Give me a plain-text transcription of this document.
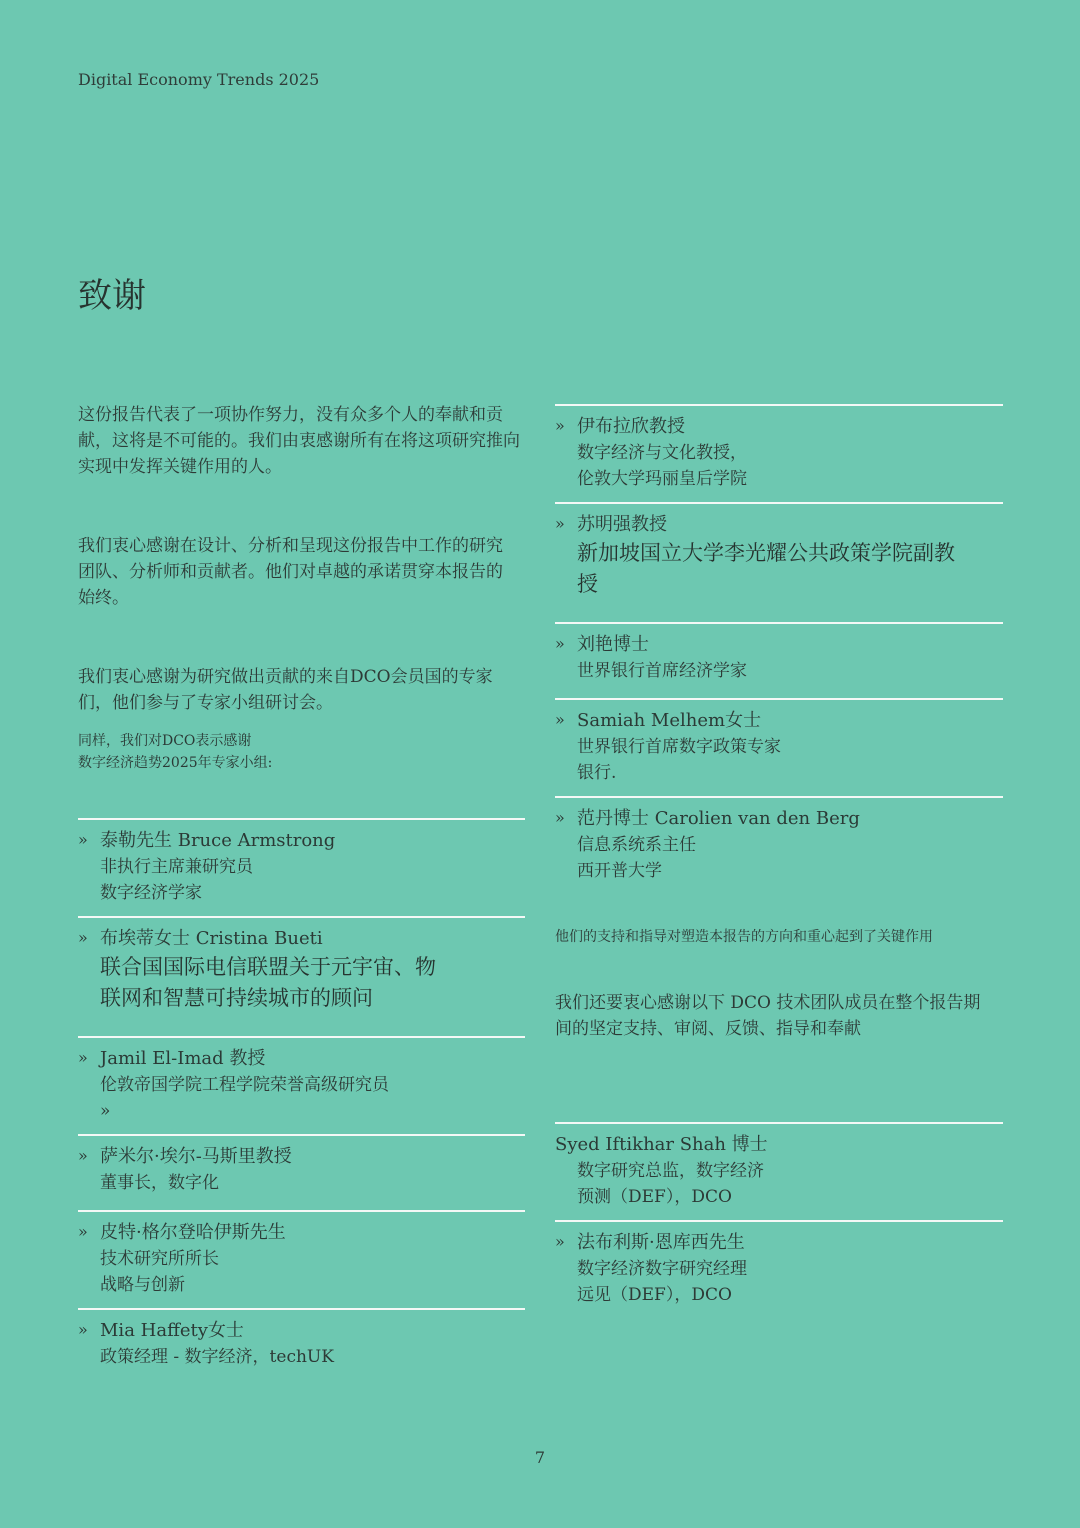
Digital Economy Trends 2025
致谢

这份报告代表了一项协作努力，没有众多个人的奉献和贡献，这将是不可能的。我们由衷感谢所有在将这项研究推向实现中发挥关键作用的人。

我们衷心感谢在设计、分析和呈现这份报告中工作的研究团队、分析师和贡献者。他们对卓越的承诺贯穿本报告的始终。

我们衷心感谢为研究做出贡献的来自DCO会员国的专家们，他们参与了专家小组研讨会。

同样，我们对DCO表示感谢
数字经济趋势2025年专家小组:
» 泰勒先生 Bruce Armstrong
非执行主席兼研究员
数字经济学家
» 布埃蒂女士 Cristina Bueti
联合国国际电信联盟关于元宇宙、物
联网和智慧可持续城市的顾问
» Jamil El-Imad 教授
伦敦帝国学院工程学院荣誉高级研究员
»
» 萨米尔·埃尔-马斯里教授
董事长，数字化
» 皮特·格尔登哈伊斯先生
技术研究所所长
战略与创新
» Mia Haffety女士
政策经理 - 数字经济，techUK
» 伊布拉欣教授
数字经济与文化教授，
伦敦大学玛丽皇后学院
» 苏明强教授
新加坡国立大学李光耀公共政策学院副教
授
» 刘艳博士
世界银行首席经济学家
» Samiah Melhem女士
世界银行首席数字政策专家
银行.
» 范丹博士 Carolien van den Berg
信息系统系主任
西开普大学
他们的支持和指导对塑造本报告的方向和重心起到了关键作用

我们还要衷心感谢以下 DCO 技术团队成员在整个报告期间的坚定支持、审阅、反馈、指导和奉献

Syed Iftikhar Shah 博士
数字研究总监，数字经济
预测（DEF），DCO
» 法布利斯·恩库西先生
数字经济数字研究经理
远见（DEF），DCO
7
